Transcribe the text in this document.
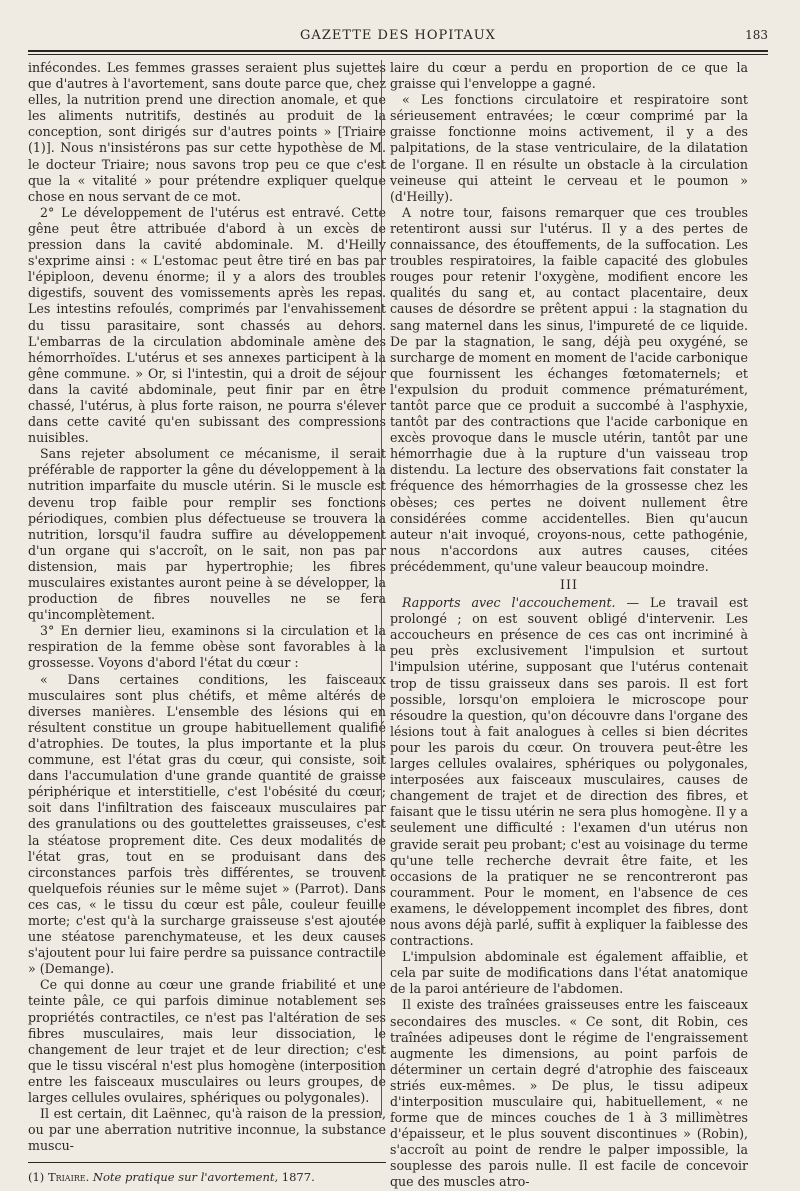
GAZETTE DES HOPITAUX	183

infécondes. Les femmes grasses seraient plus sujettes que d'autres à l'avortement, sans doute parce que, chez elles, la nutrition prend une direction anomale, et que les aliments nutritifs, destinés au produit de la conception, sont dirigés sur d'autres points » [Triaire (1)]. Nous n'insistérons pas sur cette hypothèse de M. le docteur Triaire; nous savons trop peu ce que c'est que la « vitalité » pour prétendre expliquer quelque chose en nous servant de ce mot.

2° Le développement de l'utérus est entravé. Cette gêne peut être attribuée d'abord à un excès de pression dans la cavité abdominale. M. d'Heilly s'exprime ainsi : « L'estomac peut être tiré en bas par l'épiploon, devenu énorme; il y a alors des troubles digestifs, souvent des vomissements après les repas. Les intestins refoulés, comprimés par l'envahissement du tissu parasitaire, sont chassés au dehors. L'embarras de la circulation abdominale amène des hémorrhoïdes. L'utérus et ses annexes participent à la gêne commune. » Or, si l'intestin, qui a droit de séjour dans la cavité abdominale, peut finir par en être chassé, l'utérus, à plus forte raison, ne pourra s'élever dans cette cavité qu'en subissant des compressions nuisibles.

Sans rejeter absolument ce mécanisme, il serait préférable de rapporter la gêne du développement à la nutrition imparfaite du muscle utérin. Si le muscle est devenu trop faible pour remplir ses fonctions périodiques, combien plus défectueuse se trouvera la nutrition, lorsqu'il faudra suffire au développement d'un organe qui s'accroît, on le sait, non pas par distension, mais par hypertrophie; les fibres musculaires existantes auront peine à se développer, la production de fibres nouvelles ne se fera qu'incomplètement.

3° En dernier lieu, examinons si la circulation et la respiration de la femme obèse sont favorables à la grossesse. Voyons d'abord l'état du cœur :

« Dans certaines conditions, les faisceaux musculaires sont plus chétifs, et même altérés de diverses manières. L'ensemble des lésions qui en résultent constitue un groupe habituellement qualifié d'atrophies. De toutes, la plus importante et la plus commune, est l'état gras du cœur, qui consiste, soit dans l'accumulation d'une grande quantité de graisse périphérique et interstitielle, c'est l'obésité du cœur; soit dans l'infiltration des faisceaux musculaires par des granulations ou des gouttelettes graisseuses, c'est la stéatose proprement dite. Ces deux modalités de l'état gras, tout en se produisant dans des circonstances parfois très différentes, se trouvent quelquefois réunies sur le même sujet » (Parrot). Dans ces cas, « le tissu du cœur est pâle, couleur feuille morte; c'est qu'à la surcharge graisseuse s'est ajoutée une stéatose parenchymateuse, et les deux causes s'ajoutent pour lui faire perdre sa puissance contractile » (Demange).

Ce qui donne au cœur une grande friabilité et une teinte pâle, ce qui parfois diminue notablement ses propriétés contractiles, ce n'est pas l'altération de ses fibres musculaires, mais leur dissociation, le changement de leur trajet et de leur direction; c'est que le tissu viscéral n'est plus homogène (interposition entre les faisceaux musculaires ou leurs groupes, de larges cellules ovulaires, sphériques ou polygonales).

Il est certain, dit Laënnec, qu'à raison de la pression, ou par une aberration nutritive inconnue, la substance muscu-

(1) Triaire. Note pratique sur l'avortement, 1877.

laire du cœur a perdu en proportion de ce que la graisse qui l'enveloppe a gagné.

« Les fonctions circulatoire et respiratoire sont sérieusement entravées; le cœur comprimé par la graisse fonctionne moins activement, il y a des palpitations, de la stase ventriculaire, de la dilatation de l'organe. Il en résulte un obstacle à la circulation veineuse qui atteint le cerveau et le poumon » (d'Heilly).

A notre tour, faisons remarquer que ces troubles retentiront aussi sur l'utérus. Il y a des pertes de connaissance, des étouffements, de la suffocation. Les troubles respiratoires, la faible capacité des globules rouges pour retenir l'oxygène, modifient encore les qualités du sang et, au contact placentaire, deux causes de désordre se prêtent appui : la stagnation du sang maternel dans les sinus, l'impureté de ce liquide. De par la stagnation, le sang, déjà peu oxygéné, se surcharge de moment en moment de l'acide carbonique que fournissent les échanges fœtomaternels; et l'expulsion du produit commence prématurément, tantôt parce que ce produit a succombé à l'asphyxie, tantôt par des contractions que l'acide carbonique en excès provoque dans le muscle utérin, tantôt par une hémorrhagie due à la rupture d'un vaisseau trop distendu. La lecture des observations fait constater la fréquence des hémorrhagies de la grossesse chez les obèses; ces pertes ne doivent nullement être considérées comme accidentelles. Bien qu'aucun auteur n'ait invoqué, croyons-nous, cette pathogénie, nous n'accordons aux autres causes, citées précédemment, qu'une valeur beaucoup moindre.

III

Rapports avec l'accouchement. — Le travail est prolongé ; on est souvent obligé d'intervenir. Les accoucheurs en présence de ces cas ont incriminé à peu près exclusivement l'impulsion et surtout l'impulsion utérine, supposant que l'utérus contenait trop de tissu graisseux dans ses parois. Il est fort possible, lorsqu'on emploiera le microscope pour résoudre la question, qu'on découvre dans l'organe des lésions tout à fait analogues à celles si bien décrites pour les parois du cœur. On trouvera peut-être les larges cellules ovalaires, sphériques ou polygonales, interposées aux faisceaux musculaires, causes de changement de trajet et de direction des fibres, et faisant que le tissu utérin ne sera plus homogène. Il y a seulement une difficulté : l'examen d'un utérus non gravide serait peu probant; c'est au voisinage du terme qu'une telle recherche devrait être faite, et les occasions de la pratiquer ne se rencontreront pas couramment. Pour le moment, en l'absence de ces examens, le développement incomplet des fibres, dont nous avons déjà parlé, suffit à expliquer la faiblesse des contractions.

L'impulsion abdominale est également affaiblie, et cela par suite de modifications dans l'état anatomique de la paroi antérieure de l'abdomen.

Il existe des traînées graisseuses entre les faisceaux secondaires des muscles. « Ce sont, dit Robin, ces traînées adipeuses dont le régime de l'engraissement augmente les dimensions, au point parfois de déterminer un certain degré d'atrophie des faisceaux striés eux-mêmes. » De plus, le tissu adipeux d'interposition musculaire qui, habituellement, « ne forme que de minces couches de 1 à 3 millimètres d'épaisseur, et le plus souvent discontinues » (Robin), s'accroît au point de rendre le palper impossible, la souplesse des parois nulle. Il est facile de concevoir que des muscles atro-
